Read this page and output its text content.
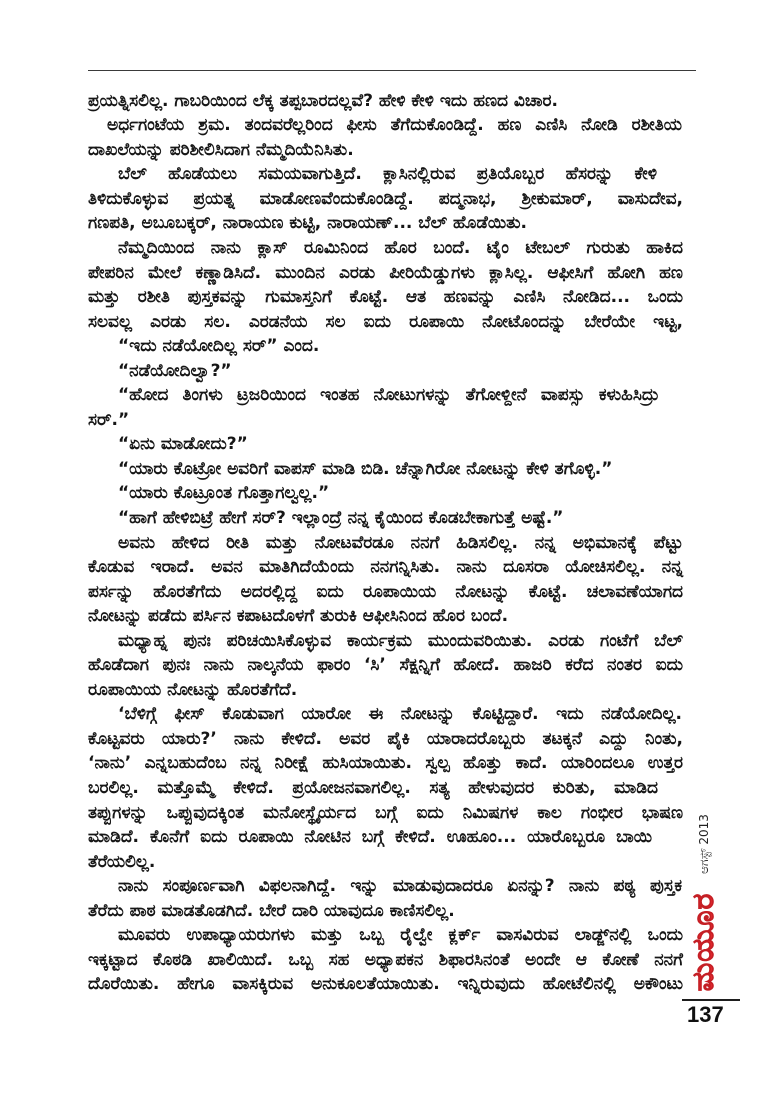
ಪ್ರಯತ್ನಿಸಲಿಲ್ಲ. ಗಾಬರಿಯಿಂದ ಲೆಕ್ಕ ತಪ್ಪಬಾರದಲ್ಲವೆ? ಹೇಳಿ ಕೇಳಿ ಇದು ಹಣದ ವಿಚಾರ.
ಅರ್ಧಗಂಟೆಯ ಶ್ರಮ. ತಂದವರೆಲ್ಲರಿಂದ ಫೀಸು ತೆಗೆದುಕೊಂಡಿದ್ದೆ. ಹಣ ಎಣಿಸಿ ನೋಡಿ ರಶೀತಿಯ
ದಾಖಲೆಯನ್ನು ಪರಿಶೀಲಿಸಿದಾಗ ನೆಮ್ಮದಿಯೆನಿಸಿತು.
ಬೆಲ್ ಹೊಡೆಯಲು ಸಮಯವಾಗುತ್ತಿದೆ. ಕ್ಲಾಸಿನಲ್ಲಿರುವ ಪ್ರತಿಯೊಬ್ಬರ ಹೆಸರನ್ನು ಕೇಳಿ
ತಿಳಿದುಕೊಳ್ಳುವ ಪ್ರಯತ್ನ ಮಾಡೋಣವೆಂದುಕೊಂಡಿದ್ದೆ. ಪದ್ಮನಾಭ, ಶ್ರೀಕುಮಾರ್, ವಾಸುದೇವ,
ಗಣಪತಿ, ಅಬೂಬಕ್ಕರ್, ನಾರಾಯಣ ಕುಟ್ಟಿ, ನಾರಾಯಣ್... ಬೆಲ್ ಹೊಡೆಯಿತು.
ನೆಮ್ಮದಿಯಿಂದ ನಾನು ಕ್ಲಾಸ್ ರೂಮಿನಿಂದ ಹೊರ ಬಂದೆ. ಟೈಂ ಟೇಬಲ್ ಗುರುತು ಹಾಕಿದ
ಪೇಪರಿನ ಮೇಲೆ ಕಣ್ಣಾಡಿಸಿದೆ. ಮುಂದಿನ ಎರಡು ಪೀರಿಯೆಡ್ಡುಗಳು ಕ್ಲಾಸಿಲ್ಲ. ಆಫೀಸಿಗೆ ಹೋಗಿ ಹಣ
ಮತ್ತು ರಶೀತಿ ಪುಸ್ತಕವನ್ನು ಗುಮಾಸ್ತನಿಗೆ ಕೊಟ್ಟೆ. ಆತ ಹಣವನ್ನು ಎಣಿಸಿ ನೋಡಿದ... ಒಂದು
ಸಲವಲ್ಲ ಎರಡು ಸಲ. ಎರಡನೆಯ ಸಲ ಐದು ರೂಪಾಯಿ ನೋಟೊಂದನ್ನು ಬೇರೆಯೇ ಇಟ್ಟ,
“ಇದು ನಡೆಯೋದಿಲ್ಲ ಸರ್” ಎಂದ.
“ನಡೆಯೋದಿಲ್ವಾ?”
“ಹೋದ ತಿಂಗಳು ಟ್ರಜರಿಯಿಂದ ಇಂತಹ ನೋಟುಗಳನ್ನು ತೆಗೋಳ್ದೀನೆ ವಾಪಸ್ಸು ಕಳುಹಿಸಿದ್ರು
ಸರ್.”
“ಏನು ಮಾಡೋದು?”
“ಯಾರು ಕೊಟ್ರೋ ಅವರಿಗೆ ವಾಪಸ್ ಮಾಡಿ ಬಿಡಿ. ಚೆನ್ನಾಗಿರೋ ನೋಟನ್ನು ಕೇಳಿ ತಗೊಳ್ಳಿ.”
“ಯಾರು ಕೊಟ್ರೂಂತ ಗೊತ್ತಾಗಲ್ವಲ್ಲ.”
“ಹಾಗೆ ಹೇಳಿಬಿಟ್ರೆ ಹೇಗೆ ಸರ್? ಇಲ್ಲಾಂದ್ರೆ ನನ್ನ ಕೈಯಿಂದ ಕೊಡಬೇಕಾಗುತ್ತೆ ಅಷ್ಟೆ.”
ಅವನು ಹೇಳಿದ ರೀತಿ ಮತ್ತು ನೋಟವೆರಡೂ ನನಗೆ ಹಿಡಿಸಲಿಲ್ಲ. ನನ್ನ ಅಭಿಮಾನಕ್ಕೆ ಪೆಟ್ಟು
ಕೊಡುವ ಇರಾದೆ. ಅವನ ಮಾತಿಗಿದೆಯೆಂದು ನನಗನ್ನಿಸಿತು. ನಾನು ದೂಸರಾ ಯೋಚಿಸಲಿಲ್ಲ. ನನ್ನ
ಪರ್ಸನ್ನು ಹೊರತೆಗೆದು ಅದರಲ್ಲಿದ್ದ ಐದು ರೂಪಾಯಿಯ ನೋಟನ್ನು ಕೊಟ್ಟೆ. ಚಲಾವಣೆಯಾಗದ
ನೋಟನ್ನು ಪಡೆದು ಪರ್ಸಿನ ಕಪಾಟದೊಳಗೆ ತುರುಕಿ ಆಫೀಸಿನಿಂದ ಹೊರ ಬಂದೆ.
ಮಧ್ಯಾಹ್ನ ಪುನಃ ಪರಿಚಯಿಸಿಕೊಳ್ಳುವ ಕಾರ್ಯಕ್ರಮ ಮುಂದುವರಿಯಿತು. ಎರಡು ಗಂಟೆಗೆ ಬೆಲ್
ಹೊಡೆದಾಗ ಪುನಃ ನಾನು ನಾಲ್ಕನೆಯ ಫಾರಂ ‘ಸಿ’ ಸೆಕ್ಷನ್ನಿಗೆ ಹೋದೆ. ಹಾಜರಿ ಕರೆದ ನಂತರ ಐದು
ರೂಪಾಯಿಯ ನೋಟನ್ನು ಹೊರತೆಗೆದೆ.
‘ಬೆಳಿಗ್ಗೆ ಫೀಸ್ ಕೊಡುವಾಗ ಯಾರೋ ಈ ನೋಟನ್ನು ಕೊಟ್ಟಿದ್ದಾರೆ. ಇದು ನಡೆಯೋದಿಲ್ಲ.
ಕೊಟ್ಟವರು ಯಾರು?’ ನಾನು ಕೇಳಿದೆ. ಅವರ ಪೈಕಿ ಯಾರಾದರೊಬ್ಬರು ತಟಕ್ಕನೆ ಎದ್ದು ನಿಂತು,
‘ನಾನು’ ಎನ್ನಬಹುದೆಂಬ ನನ್ನ ನಿರೀಕ್ಷೆ ಹುಸಿಯಾಯಿತು. ಸ್ವಲ್ಪ ಹೊತ್ತು ಕಾದೆ. ಯಾರಿಂದಲೂ ಉತ್ತರ
ಬರಲಿಲ್ಲ. ಮತ್ತೊಮ್ಮೆ ಕೇಳಿದೆ. ಪ್ರಯೋಜನವಾಗಲಿಲ್ಲ. ಸತ್ಯ ಹೇಳುವುದರ ಕುರಿತು, ಮಾಡಿದ
ತಪ್ಪುಗಳನ್ನು ಒಪ್ಪುವುದಕ್ಕಿಂತ ಮನೋಸ್ಥೈರ್ಯದ ಬಗ್ಗೆ ಐದು ನಿಮಿಷಗಳ ಕಾಲ ಗಂಭೀರ ಭಾಷಣ
ಮಾಡಿದೆ. ಕೊನೆಗೆ ಐದು ರೂಪಾಯಿ ನೋಟಿನ ಬಗ್ಗೆ ಕೇಳಿದೆ. ಊಹೂಂ... ಯಾರೊಬ್ಬರೂ ಬಾಯಿ
ತೆರೆಯಲಿಲ್ಲ.
ನಾನು ಸಂಪೂರ್ಣವಾಗಿ ವಿಫಲನಾಗಿದ್ದೆ. ಇನ್ನು ಮಾಡುವುದಾದರೂ ಏನನ್ನು? ನಾನು ಪಠ್ಯ ಪುಸ್ತಕ
ತೆರೆದು ಪಾಠ ಮಾಡತೊಡಗಿದೆ. ಬೇರೆ ದಾರಿ ಯಾವುದೂ ಕಾಣಿಸಲಿಲ್ಲ.
ಮೂವರು ಉಪಾಧ್ಯಾಯರುಗಳು ಮತ್ತು ಒಬ್ಬ ರೈಲ್ವೇ ಕ್ಲರ್ಕ್ ವಾಸವಿರುವ ಲಾಡ್ಜ್‌ನಲ್ಲಿ ಒಂದು
ಇಕ್ಕಟ್ಟಾದ ಕೊಠಡಿ ಖಾಲಿಯಿದೆ. ಒಬ್ಬ ಸಹ ಅಧ್ಯಾಪಕನ ಶಿಫಾರಸಿನಂತೆ ಅಂದೇ ಆ ಕೋಣೆ ನನಗೆ
ದೊರೆಯಿತು. ಹೇಗೂ ವಾಸಕ್ಕಿರುವ ಅನುಕೂಲತೆಯಾಯಿತು. ಇನ್ನಿರುವುದು ಹೋಟೆಲಿನಲ್ಲಿ ಅಕೌಂಟು
ಆಗಸ್ಟ್ 2013
ಮಯೂರ
137
